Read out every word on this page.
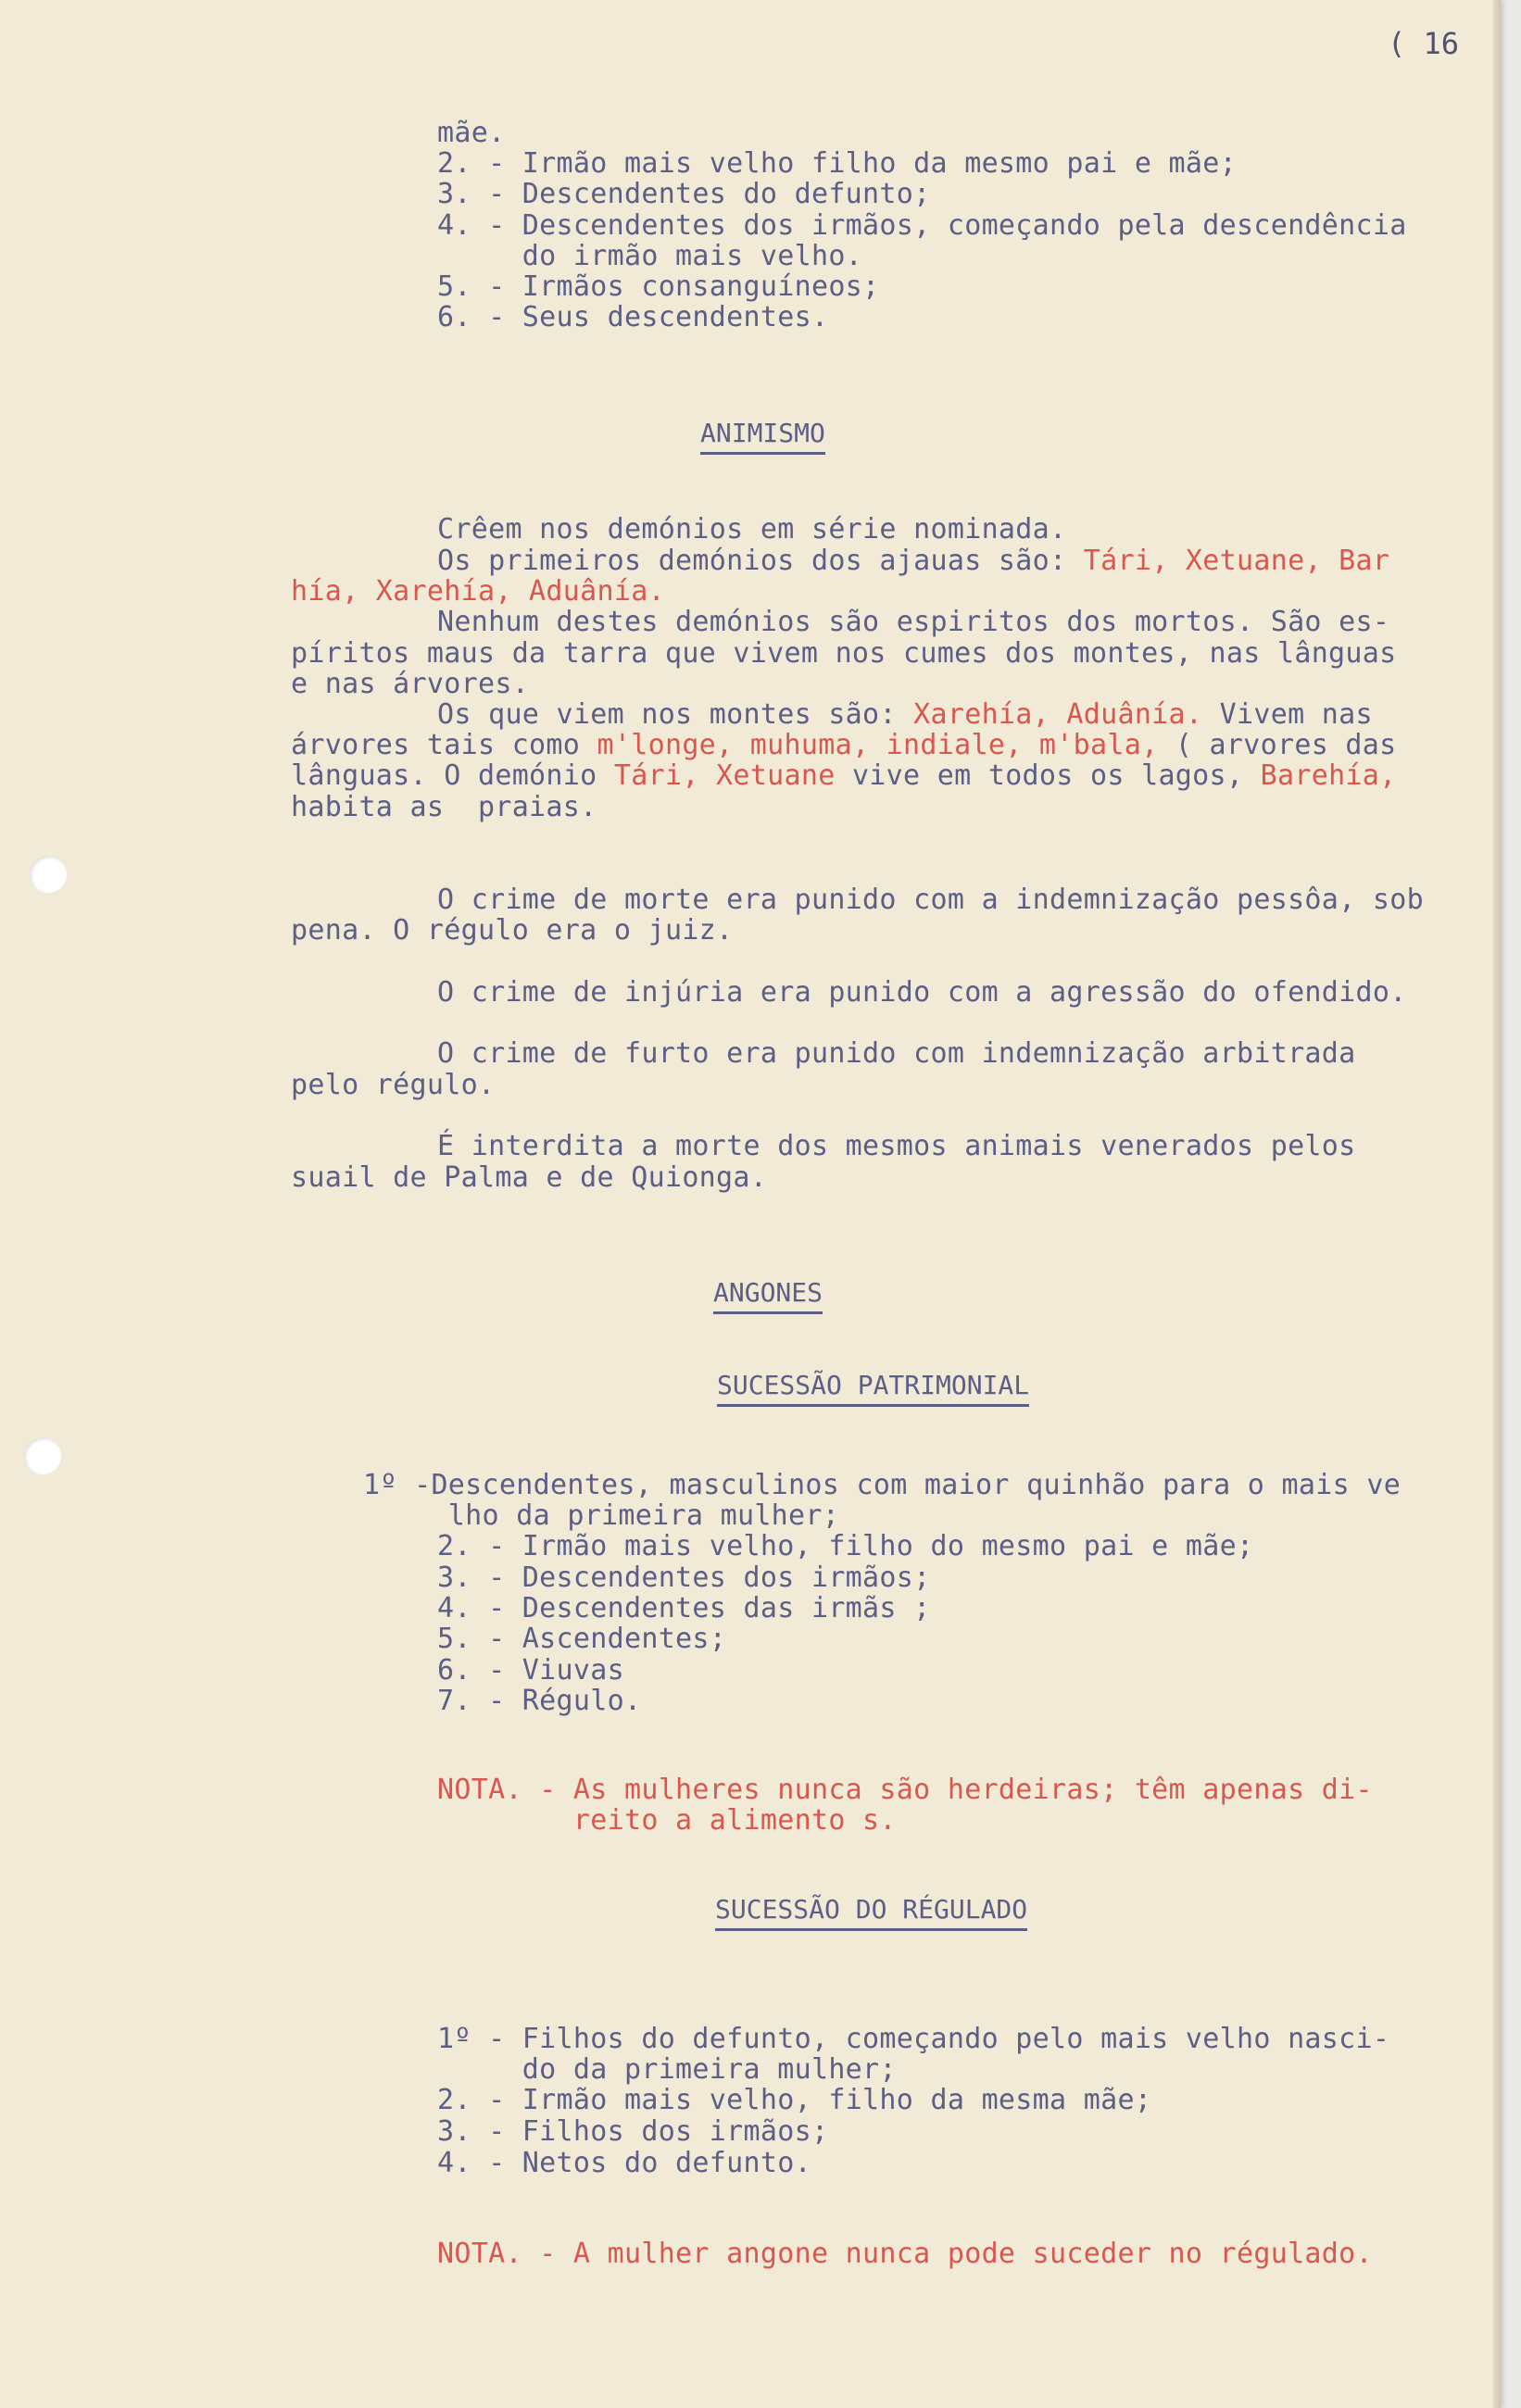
( 16
mãe.
2. - Irmão mais velho filho da mesmo pai e mãe;
3. - Descendentes do defunto;
4. - Descendentes dos irmãos, começando pela descendência
do irmão mais velho.
5. - Irmãos consanguíneos;
6. - Seus descendentes.
ANIMISMO
Crêem nos demónios em série nominada.
Os primeiros demónios dos ajauas são: Tári, Xetuane, Bar
hía, Xarehía, Aduânía.
Nenhum destes demónios são espiritos dos mortos. São es-
píritos maus da tarra que vivem nos cumes dos montes, nas lânguas
e nas árvores.
Os que viem nos montes são: Xarehía, Aduânía. Vivem nas
árvores tais como m'longe, muhuma, indiale, m'bala, ( arvores das
lânguas. O demónio Tári, Xetuane vive em todos os lagos, Barehía,
habita as  praias.
O crime de morte era punido com a indemnização pessôa, sob
pena. O régulo era o juiz.
O crime de injúria era punido com a agressão do ofendido.
O crime de furto era punido com indemnização arbitrada
pelo régulo.
É interdita a morte dos mesmos animais venerados pelos
suail de Palma e de Quionga.
ANGONES
SUCESSÃO PATRIMONIAL
1º -Descendentes, masculinos com maior quinhão para o mais ve
lho da primeira mulher;
2. - Irmão mais velho, filho do mesmo pai e mãe;
3. - Descendentes dos irmãos;
4. - Descendentes das irmãs ;
5. - Ascendentes;
6. - Viuvas
7. - Régulo.
NOTA. - As mulheres nunca são herdeiras; têm apenas di-
reito a alimento s.
SUCESSÃO DO RÉGULADO
1º - Filhos do defunto, começando pelo mais velho nasci-
do da primeira mulher;
2. - Irmão mais velho, filho da mesma mãe;
3. - Filhos dos irmãos;
4. - Netos do defunto.
NOTA. - A mulher angone nunca pode suceder no régulado.
